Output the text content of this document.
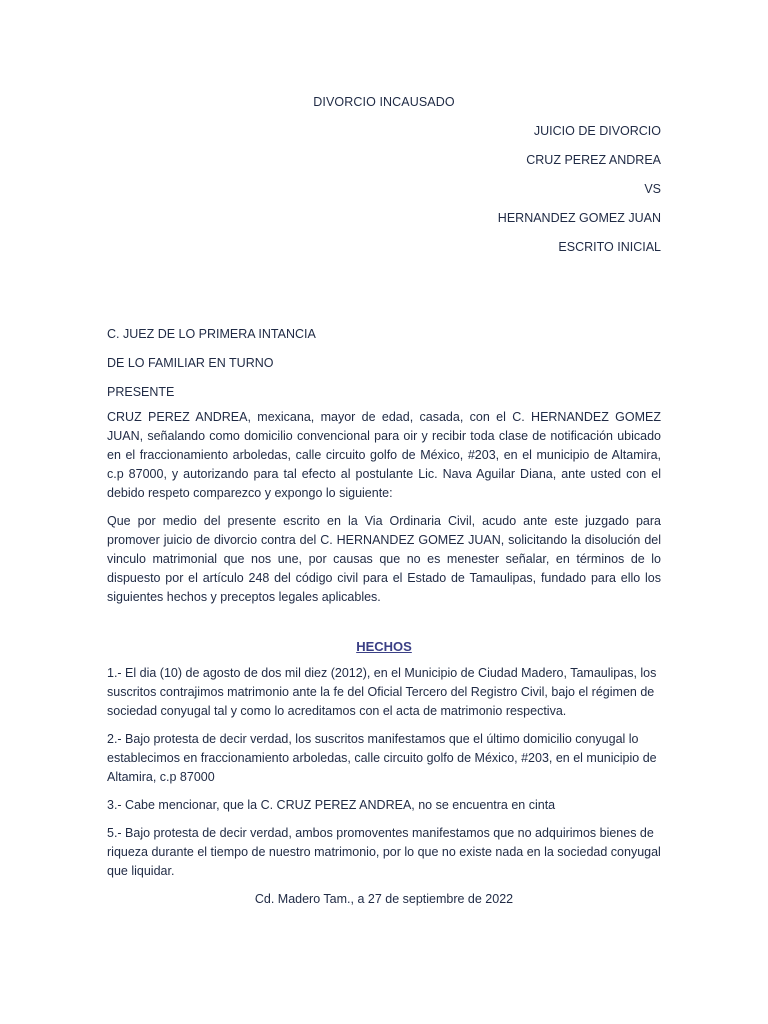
DIVORCIO INCAUSADO
JUICIO DE DIVORCIO
CRUZ PEREZ ANDREA
VS
HERNANDEZ GOMEZ JUAN
ESCRITO INICIAL
C. JUEZ DE LO PRIMERA INTANCIA
DE LO FAMILIAR EN TURNO
PRESENTE

CRUZ PEREZ ANDREA, mexicana, mayor de edad, casada, con el C. HERNANDEZ GOMEZ JUAN, señalando como domicilio convencional para oir y recibir toda clase de notificación ubicado en el fraccionamiento arboledas, calle circuito golfo de México, #203, en el municipio de Altamira, c.p 87000, y autorizando para tal efecto al postulante Lic. Nava Aguilar Diana, ante usted con el debido respeto comparezco y expongo lo siguiente:

Que por medio del presente escrito en la Via Ordinaria Civil, acudo ante este juzgado para promover juicio de divorcio contra del C. HERNANDEZ GOMEZ JUAN, solicitando la disolución del vinculo matrimonial que nos une, por causas que no es menester señalar, en términos de lo dispuesto por el artículo 248 del código civil para el Estado de Tamaulipas, fundado para ello los siguientes hechos y preceptos legales aplicables.

HECHOS
1.- El dia (10) de agosto de dos mil diez (2012), en el Municipio de Ciudad Madero, Tamaulipas, los suscritos contrajimos matrimonio ante la fe del Oficial Tercero del Registro Civil, bajo el régimen de sociedad conyugal tal y como lo acreditamos con el acta de matrimonio respectiva.
2.- Bajo protesta de decir verdad, los suscritos manifestamos que el último domicilio conyugal lo establecimos en fraccionamiento arboledas, calle circuito golfo de México, #203, en el municipio de Altamira, c.p 87000
3.- Cabe mencionar, que la C. CRUZ PEREZ ANDREA, no se encuentra en cinta
5.- Bajo protesta de decir verdad, ambos promoventes manifestamos que no adquirimos bienes de riqueza durante el tiempo de nuestro matrimonio, por lo que no existe nada en la sociedad conyugal que liquidar.
Cd. Madero Tam., a 27 de septiembre de 2022
